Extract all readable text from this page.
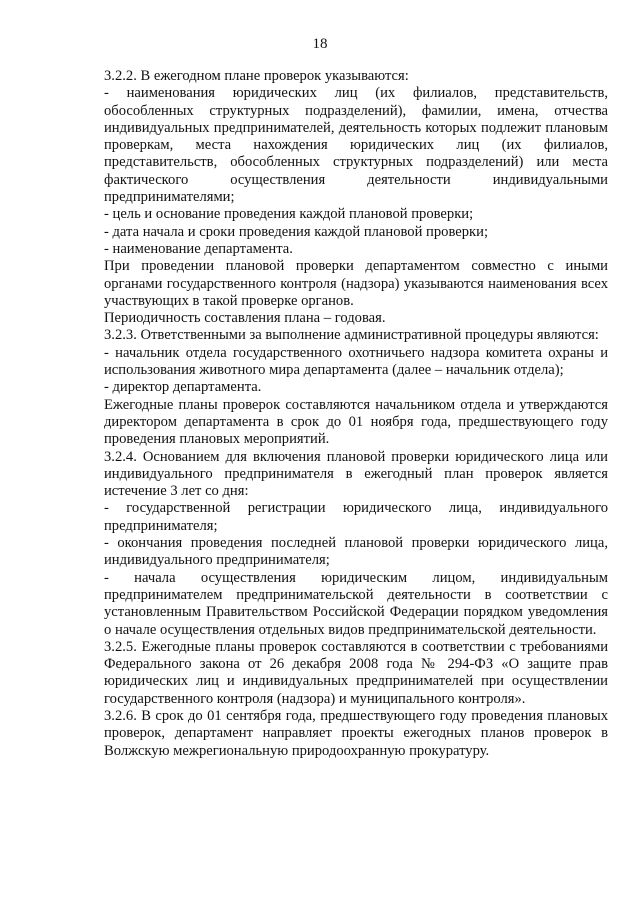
18

3.2.2. В ежегодном плане проверок указываются:

- наименования юридических лиц (их филиалов, представительств, обособленных структурных подразделений), фамилии, имена, отчества индивидуальных предпринимателей, деятельность которых подлежит плановым проверкам, места нахождения юридических лиц (их филиалов, представительств, обособленных структурных подразделений) или места фактического осуществления деятельности индивидуальными предпринимателями;

- цель и основание проведения каждой плановой проверки;

- дата начала и сроки проведения каждой плановой проверки;

- наименование департамента.

При проведении плановой проверки департаментом совместно с иными органами государственного контроля (надзора) указываются наименования всех участвующих в такой проверке органов.

Периодичность составления плана – годовая.

3.2.3. Ответственными за выполнение административной процедуры являются:

- начальник отдела государственного охотничьего надзора комитета охраны и использования животного мира департамента (далее – начальник отдела);

- директор департамента.

Ежегодные планы проверок составляются начальником отдела и утверждаются директором департамента в срок до 01 ноября года, предшествующего году проведения плановых мероприятий.

3.2.4. Основанием для включения плановой проверки юридического лица или индивидуального предпринимателя в ежегодный план проверок является истечение 3 лет со дня:

- государственной регистрации юридического лица, индивидуального предпринимателя;

- окончания проведения последней плановой проверки юридического лица, индивидуального предпринимателя;

- начала осуществления юридическим лицом, индивидуальным предпринимателем предпринимательской деятельности в соответствии с установленным Правительством Российской Федерации порядком уведомления о начале осуществления отдельных видов предпринимательской деятельности.

3.2.5. Ежегодные планы проверок составляются в соответствии с требованиями Федерального закона от 26 декабря 2008 года № 294-ФЗ «О защите прав юридических лиц и индивидуальных предпринимателей при осуществлении государственного контроля (надзора) и муниципального контроля».

3.2.6. В срок до 01 сентября года, предшествующего году проведения плановых проверок, департамент направляет проекты ежегодных планов проверок в Волжскую межрегиональную природоохранную прокуратуру.
